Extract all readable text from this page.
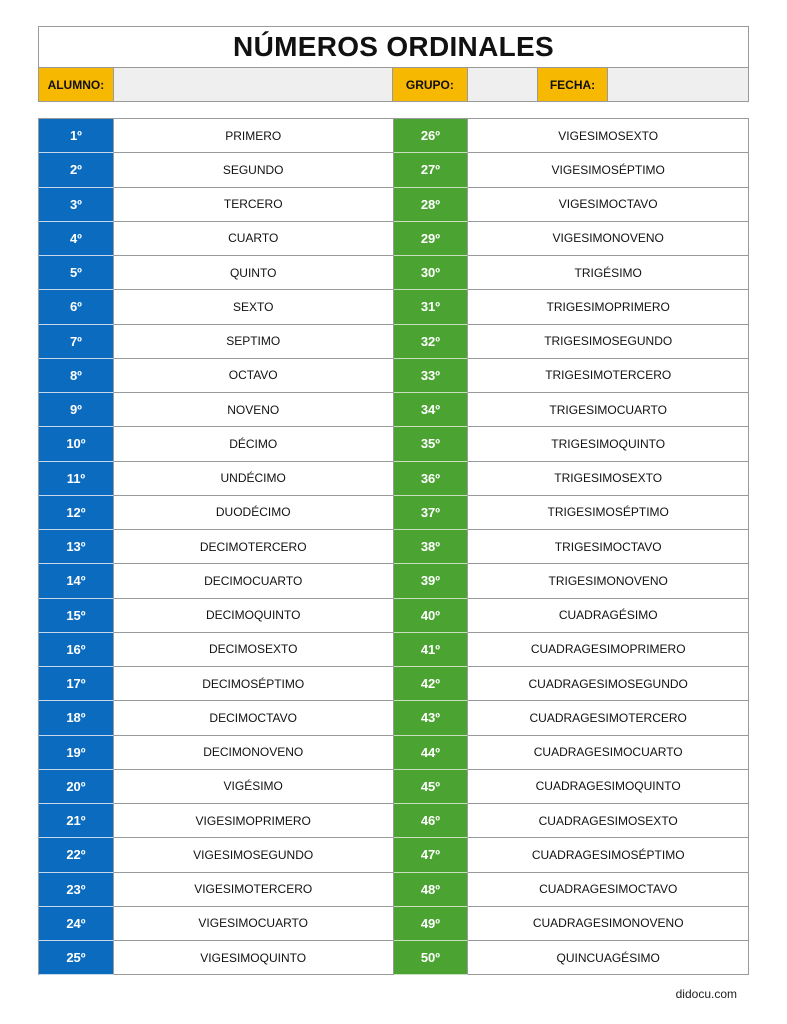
NÚMEROS ORDINALES
ALUMNO:	GRUPO:	FECHA:
1º	PRIMERO	26º	VIGESIMOSEXTO
2º	SEGUNDO	27º	VIGESIMOSÉPTIMO
3º	TERCERO	28º	VIGESIMOCTAVO
4º	CUARTO	29º	VIGESIMONOVENO
5º	QUINTO	30º	TRIGÉSIMO
6º	SEXTO	31º	TRIGESIMOPRIMERO
7º	SEPTIMO	32º	TRIGESIMOSEGUNDO
8º	OCTAVO	33º	TRIGESIMOTERCERO
9º	NOVENO	34º	TRIGESIMOCUARTO
10º	DÉCIMO	35º	TRIGESIMOQUINTO
11º	UNDÉCIMO	36º	TRIGESIMOSEXTO
12º	DUODÉCIMO	37º	TRIGESIMOSÉPTIMO
13º	DECIMOTERCERO	38º	TRIGESIMOCTAVO
14º	DECIMOCUARTO	39º	TRIGESIMONOVENO
15º	DECIMOQUINTO	40º	CUADRAGÉSIMO
16º	DECIMOSEXTO	41º	CUADRAGESIMOPRIMERO
17º	DECIMOSÉPTIMO	42º	CUADRAGESIMOSEGUNDO
18º	DECIMOCTAVO	43º	CUADRAGESIMOTERCERO
19º	DECIMONOVENO	44º	CUADRAGESIMOCUARTO
20º	VIGÉSIMO	45º	CUADRAGESIMOQUINTO
21º	VIGESIMOPRIMERO	46º	CUADRAGESIMOSEXTO
22º	VIGESIMOSEGUNDO	47º	CUADRAGESIMOSÉPTIMO
23º	VIGESIMOTERCERO	48º	CUADRAGESIMOCTAVO
24º	VIGESIMOCUARTO	49º	CUADRAGESIMONOVENO
25º	VIGESIMOQUINTO	50º	QUINCUAGÉSIMO
didocu.com
